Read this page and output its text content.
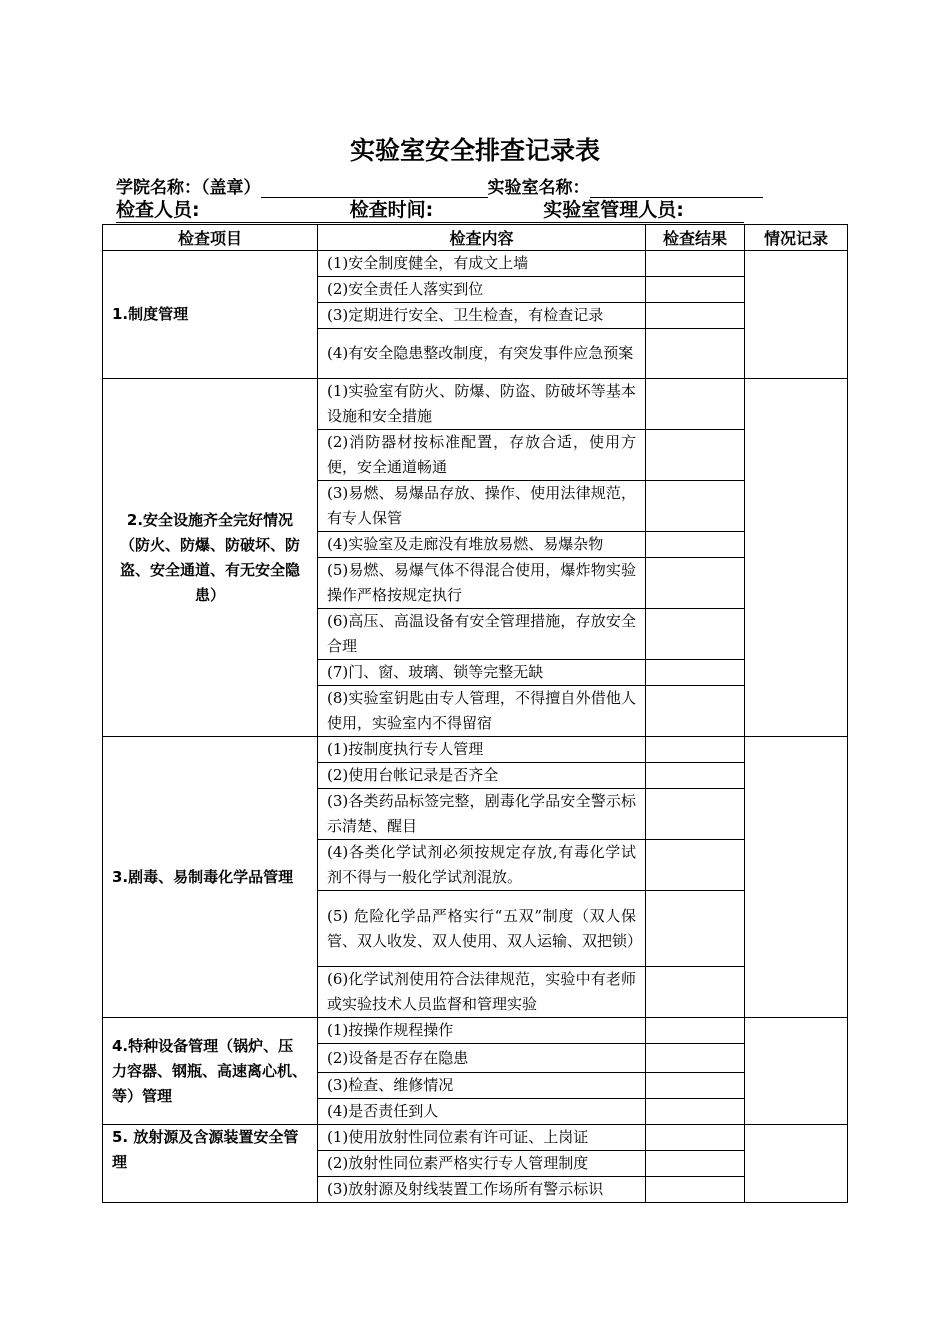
实验室安全排查记录表
学院名称：（盖章）	实验室名称：
检查人员:	检查时间:	实验室管理人员:
检查项目	检查内容	检查结果	情况记录
1.制度管理	(1)安全制度健全，有成文上墙		
	(2)安全责任人落实到位		
	(3)定期进行安全、卫生检查，有检查记录		
	(4)有安全隐患整改制度，有突发事件应急预案		
2.安全设施齐全完好情况（防火、防爆、防破坏、防盗、安全通道、有无安全隐患）	(1)实验室有防火、防爆、防盗、防破坏等基本设施和安全措施		
	(2)消防器材按标准配置，存放合适，使用方便，安全通道畅通		
	(3)易燃、易爆品存放、操作、使用法律规范，有专人保管		
	(4)实验室及走廊没有堆放易燃、易爆杂物		
	(5)易燃、易爆气体不得混合使用，爆炸物实验操作严格按规定执行		
	(6)高压、高温设备有安全管理措施，存放安全合理		
	(7)门、窗、玻璃、锁等完整无缺		
	(8)实验室钥匙由专人管理，不得擅自外借他人使用，实验室内不得留宿		
3.剧毒、易制毒化学品管理	(1)按制度执行专人管理		
	(2)使用台帐记录是否齐全		
	(3)各类药品标签完整，剧毒化学品安全警示标示清楚、醒目		
	(4)各类化学试剂必须按规定存放,有毒化学试剂不得与一般化学试剂混放。		
	(5) 危险化学品严格实行“五双”制度（双人保管、双人收发、双人使用、双人运输、双把锁）		
	(6)化学试剂使用符合法律规范，实验中有老师或实验技术人员监督和管理实验		
4.特种设备管理（锅炉、压力容器、钢瓶、高速离心机、等）管理	(1)按操作规程操作		
	(2)设备是否存在隐患		
	(3)检查、维修情况		
	(4)是否责任到人		
5. 放射源及含源装置安全管理	(1)使用放射性同位素有许可证、上岗证		
	(2)放射性同位素严格实行专人管理制度		
	(3)放射源及射线装置工作场所有警示标识		
